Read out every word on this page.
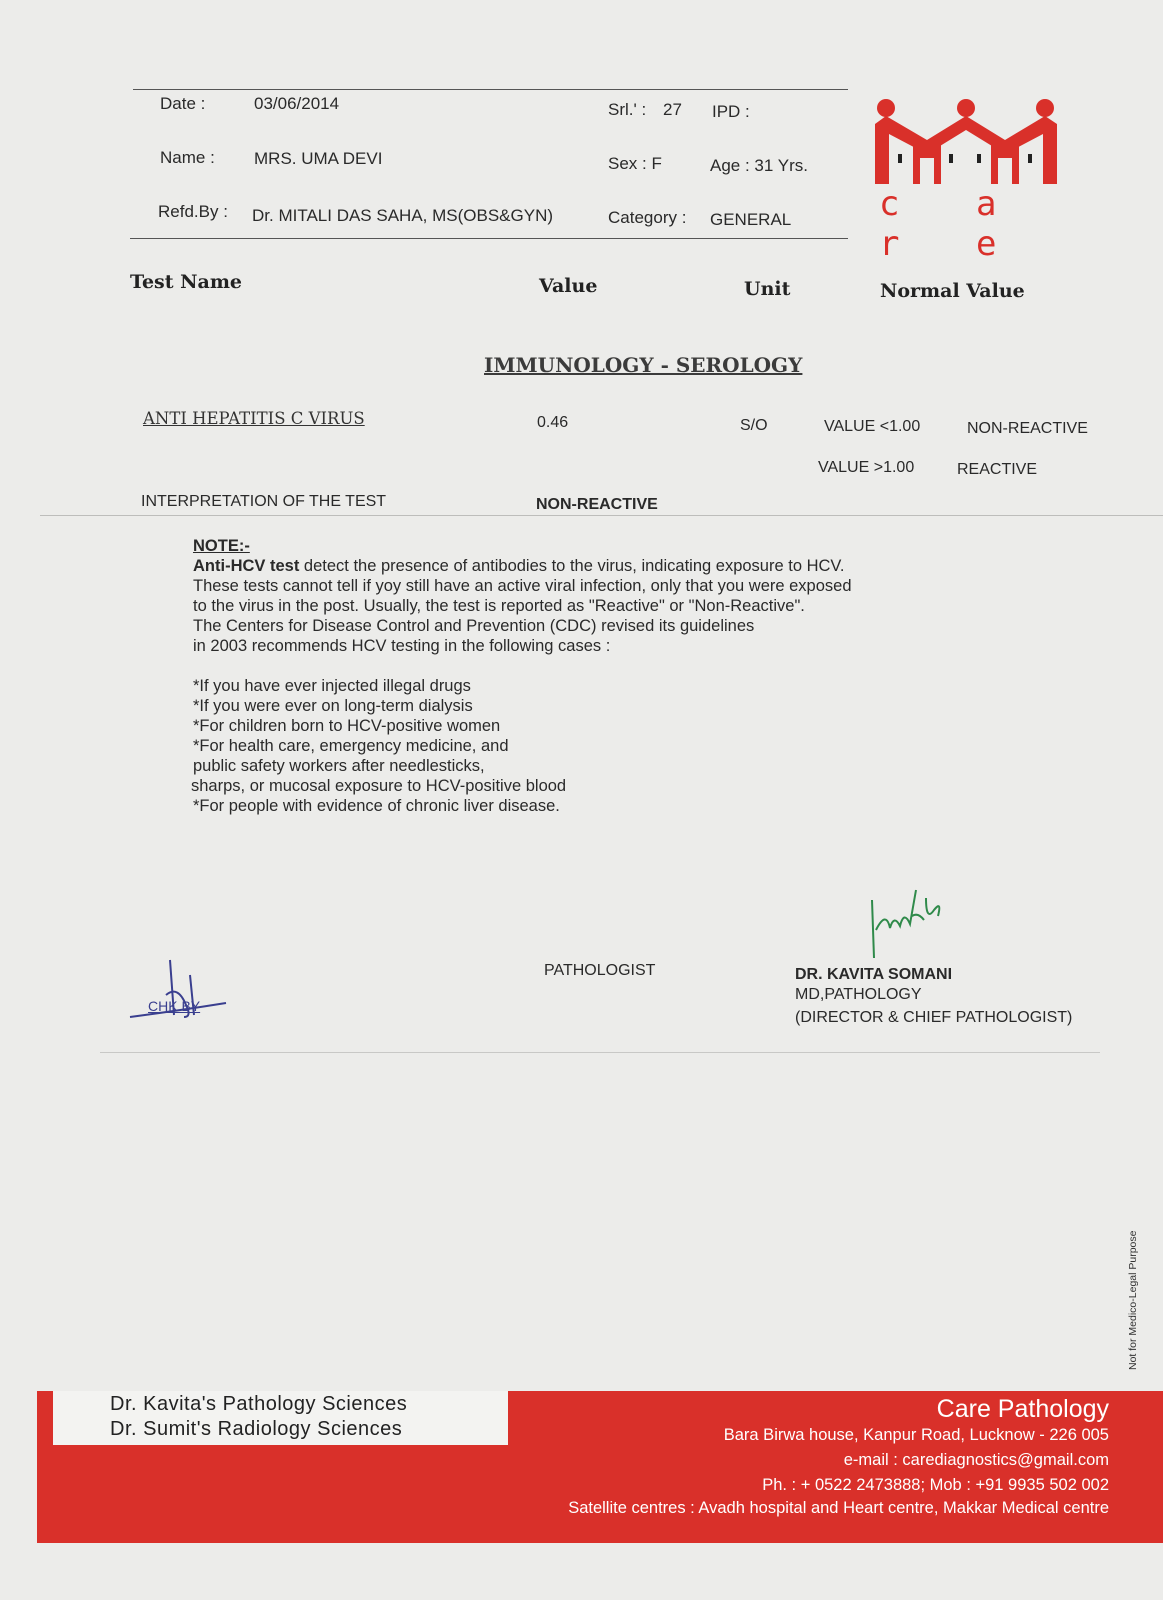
Date :	03/06/2014	Srl.' : 27 IPD :
Name : MRS. UMA DEVI	Sex : F	Age : 31 Yrs.
Refd.By : Dr. MITALI DAS SAHA, MS(OBS&GYN)	Category : GENERAL	c a r e
Test Name	Value	Unit	Normal Value
IMMUNOLOGY - SEROLOGY
ANTI HEPATITIS C VIRUS	0.46	S/O	VALUE <1.00	NON-REACTIVE
VALUE >1.00	REACTIVE
INTERPRETATION OF THE TEST	NON-REACTIVE
NOTE:-
Anti-HCV test detect the presence of antibodies to the virus, indicating exposure to HCV.
These tests cannot tell if yoy still have an active viral infection, only that you were exposed
to the virus in the post. Usually, the test is reported as "Reactive" or "Non-Reactive".
The Centers for Disease Control and Prevention (CDC) revised its guidelines
in 2003 recommends HCV testing in the following cases :
*If you have ever injected illegal drugs
*If you were ever on long-term dialysis
*For children born to HCV-positive women
*For health care, emergency medicine, and
public safety workers after needlesticks,
sharps, or mucosal exposure to HCV-positive blood
*For people with evidence of chronic liver disease.
CHK.BY
PATHOLOGIST	DR. KAVITA SOMANI
MD,PATHOLOGY
(DIRECTOR & CHIEF PATHOLOGIST)
Not for Medico-Legal Purpose
Dr. Kavita's Pathology Sciences
Dr. Sumit's Radiology Sciences
Care Pathology
Bara Birwa house, Kanpur Road, Lucknow - 226 005
e-mail : carediagnostics@gmail.com
Ph. : + 0522 2473888; Mob : +91 9935 502 002
Satellite centres : Avadh hospital and Heart centre, Makkar Medical centre
